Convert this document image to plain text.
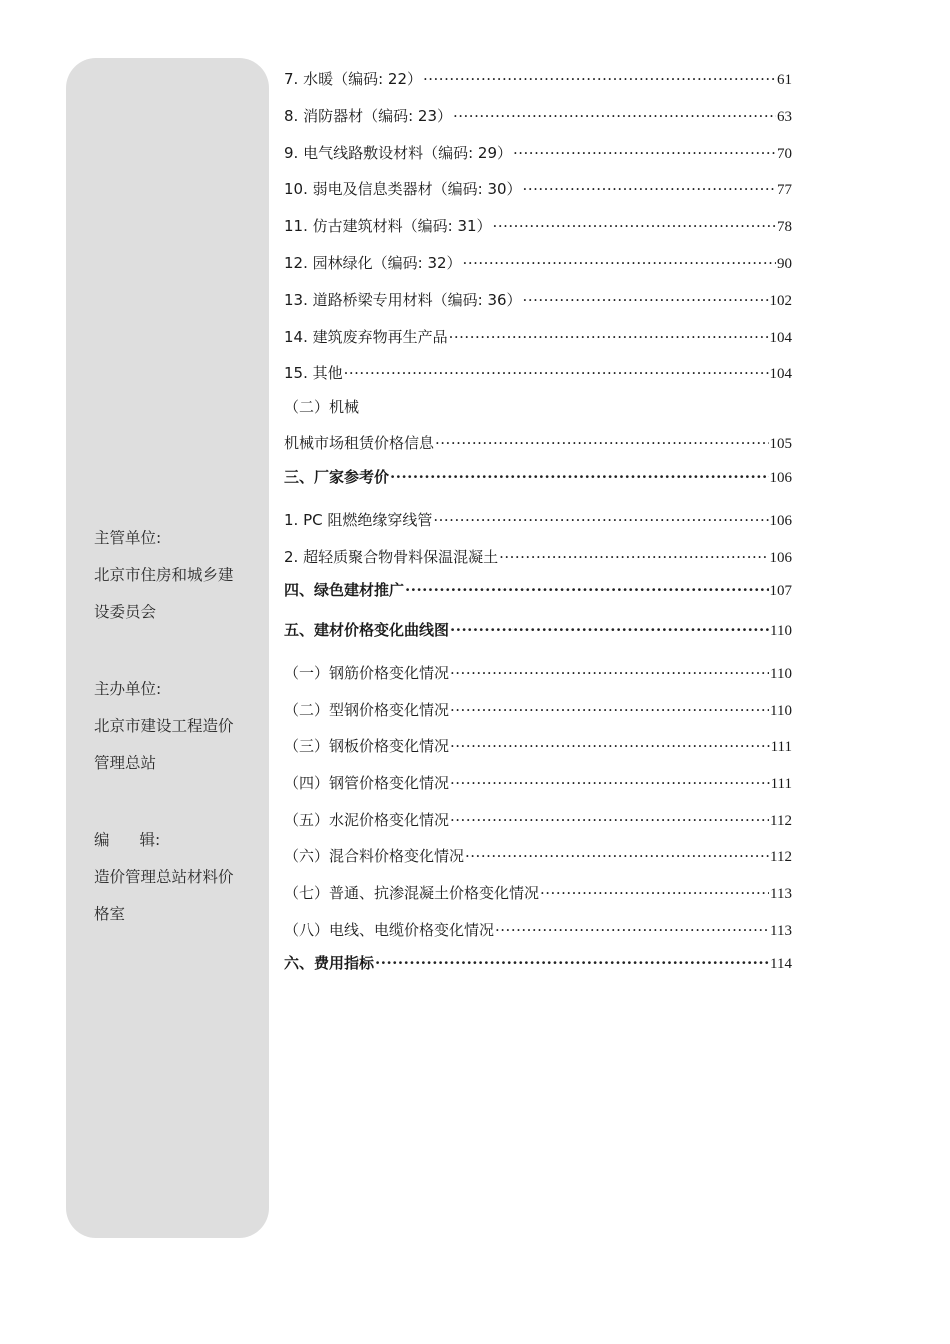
主管单位:
北京市住房和城乡建
设委员会
主办单位:
北京市建设工程造价
管理总站
编 辑:
造价管理总站材料价
格室
7. 水暖（编码: 22） ·····	61
8. 消防器材（编码: 23） ·····	63
9. 电气线路敷设材料（编码: 29） ·····	70
10. 弱电及信息类器材（编码: 30） ·····	77
11. 仿古建筑材料（编码: 31） ·····	78
12. 园林绿化（编码: 32） ·····	90
13. 道路桥梁专用材料（编码: 36） ·····	102
14. 建筑废弃物再生产品 ·····	104
15. 其他 ·····	104
（二）机械
机械市场租赁价格信息 ·····	105
三、厂家参考价 ·····	106
1. PC 阻燃绝缘穿线管 ·····	106
2. 超轻质聚合物骨料保温混凝土 ·····	106
四、绿色建材推广 ·····	107
五、建材价格变化曲线图 ·····	110
（一）钢筋价格变化情况 ·····	110
（二）型钢价格变化情况 ·····	110
（三）钢板价格变化情况 ·····	111
（四）钢管价格变化情况 ·····	111
（五）水泥价格变化情况 ·····	112
（六）混合料价格变化情况 ·····	112
（七）普通、抗渗混凝土价格变化情况 ·····	113
（八）电线、电缆价格变化情况 ·····	113
六、费用指标 ·····	114
